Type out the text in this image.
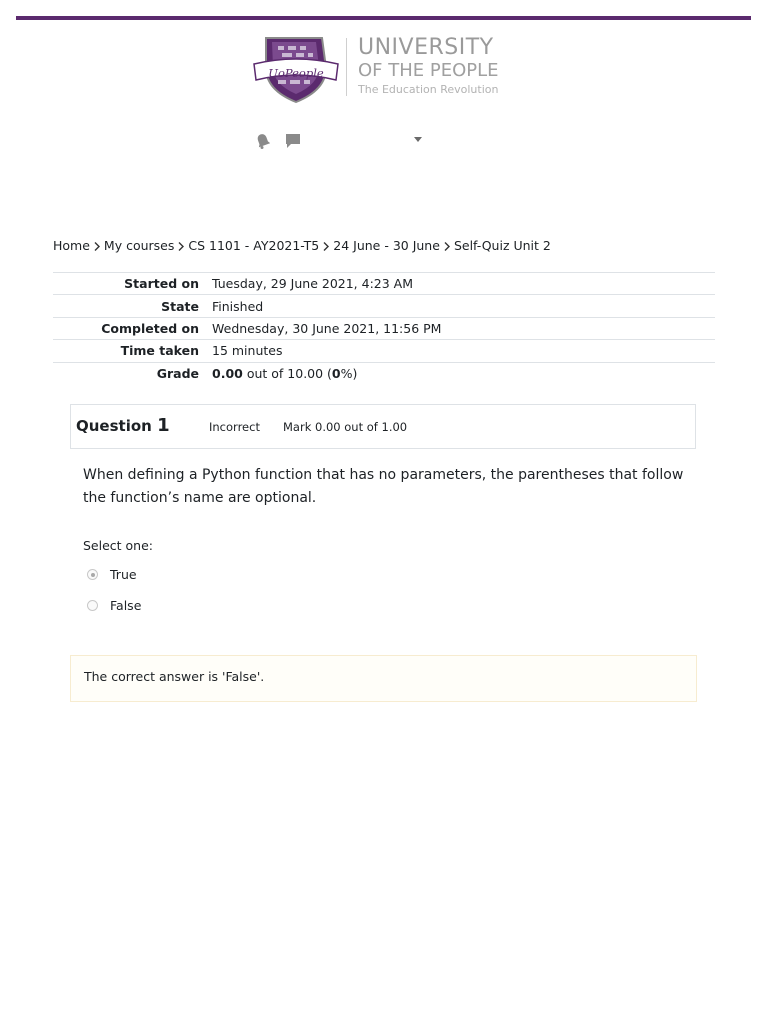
UoPeople
UNIVERSITY
OF THE PEOPLE
The Education Revolution
Home My courses CS 1101 - AY2021-T5 24 June - 30 June Self-Quiz Unit 2
Started on	Tuesday, 29 June 2021, 4:23 AM
State	Finished
Completed on	Wednesday, 30 June 2021, 11:56 PM
Time taken	15 minutes
Grade	0.00 out of 10.00 (0%)
Question 1	Incorrect Mark 0.00 out of 1.00
When defining a Python function that has no parameters, the parentheses that follow the function’s name are optional.
Select one:
True
False
The correct answer is 'False'.
